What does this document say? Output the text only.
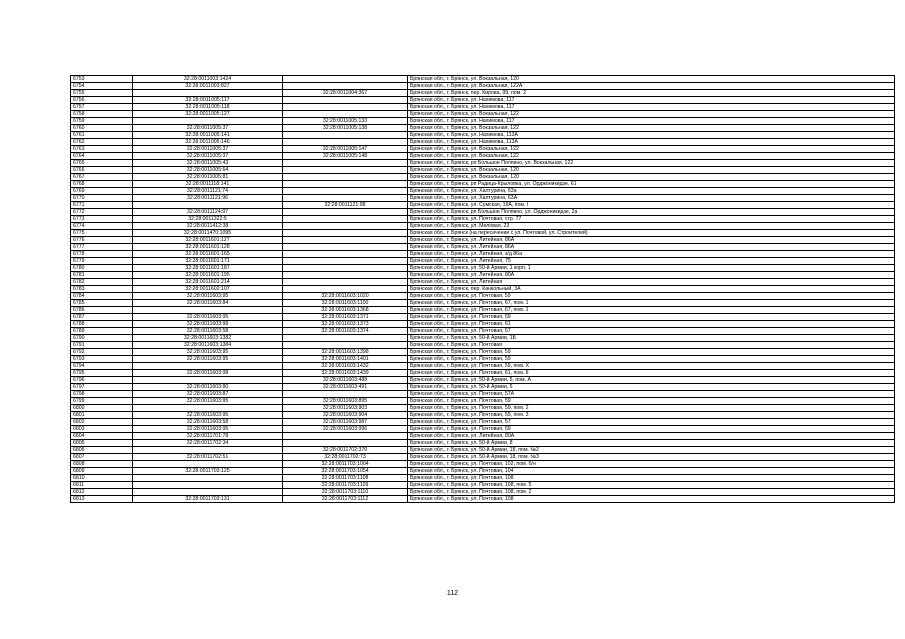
6753	32:28:0011003:1424		Брянская обл., г. Брянск, ул. Вокзальная, 120
6754	32:28:0011003:827		Брянская обл., г. Брянск, ул. Вокзальная, 122А
6755		32:28:0011004:367	Брянская обл., г. Брянск, пер. Кирова, 99, пом. 2
6756	32:28:0011005:117		Брянская обл., г. Брянск, ул. Нахимова, 117
6757	32:28:0011005:118		Брянская обл., г. Брянск, ул. Нахимова, 117
6758	32:28:0011005:127		Брянская обл., г. Брянск, ул. Вокзальная, 122
6759		32:28:0011005:133	Брянская обл., г. Брянск, ул. Нахимова, 117
6760	32:28:0011005:37	32:28:0011005:138	Брянская обл., г. Брянск, ул. Вокзальная, 122
6761	32:28:0011005:141		Брянская обл., г. Брянск, ул. Нахимова, 113А
6762	32:28:0011005:146		Брянская обл., г. Брянск, ул. Нахимова, 113А
6763	32:28:0011005:37	32:28:0011005:147	Брянская обл., г. Брянск, ул. Вокзальная, 122
6764	32:28:0011005:37	32:28:0011005:148	Брянская обл., г. Брянск, ул. Вокзальная, 122
6765	32:28:0011005:43		Брянская обл., г. Брянск, рп Большое Полпино, ул. Вокзальная, 122
6766	32:28:0011005:64		Брянская обл., г. Брянск, ул. Вокзальная, 120
6767	32:28:0011005:81		Брянская обл., г. Брянск, ул. Вокзальная, 120
6768	32:28:0011118:141		Брянская обл., г. Брянск, рп Радица-Крыловка, ул. Орджоникидзе, 61
6769	32:28:0011121:74		Брянская обл., г. Брянск, ул. Халтурина, 63а
6770	32:28:0011121:96		Брянская обл., г. Брянск, ул. Халтурина, 63А
6771		32:28:0011121:98	Брянская обл., г. Брянск, ул. Сумская, 19А, пом. I
6772	32:28:0011124:97		Брянская обл., г. Брянск, рп Большое Полпино, ул. Орджоникидзе, 2а
6773	32:28:0011322:5		Брянская обл., г. Брянск, ул. Почтовая, стр. 77
6774	32:28:0011412:38		Брянская обл., г. Брянск, ул. Меловая, 23
6775	32:28:0011470:1095		Брянская обл., г. Брянск (на пересечении с ул. Почтовой, ул. Строителей)
6776	32:28:0011601:127		Брянская обл., г. Брянск, ул. Литейная, 86А
6777	32:28:0011601:128		Брянская обл., г. Брянск, ул. Литейная, 86А
6778	32:28:0011601:165		Брянская обл., г. Брянск, ул. Литейная, з/д 86а
6779	32:28:0011601:171		Брянская обл., г. Брянск, ул. Литейная, 75
6780	32:28:0011601:187		Брянская обл., г. Брянск, ул. 50-й Армии, 1 корп. 1
6781	32:28:0011601:195		Брянская обл., г. Брянск, ул. Литейная, 80А
6782	32:28:0011601:214		Брянская обл., г. Брянск, ул. Литейная
6783	32:28:0011602:107		Брянская обл., г. Брянск, пер. Канкольный, 3А
6784	32:28:0011603:95	32:28:0011603:1020	Брянская обл., г. Брянск, ул. Почтовая, 59
6785	32:28:0011603:84	32:28:0011603:1100	Брянская обл., г. Брянск, ул. Почтовая, 67, пом. 1
6786		32:28:0011603:1368	Брянская обл., г. Брянск, ул. Почтовая, 67, пом. 1
6787	32:28:0011603:95	32:28:0011603:1371	Брянская обл., г. Брянск, ул. Почтовая, 59
6788	32:28:0011603:98	32:28:0011603:1373	Брянская обл., г. Брянск, ул. Почтовая, 61
6789	32:28:0011603:58	32:28:0011603:1374	Брянская обл., г. Брянск, ул. Почтовая, 57
6790	32:28:0011603:1382		Брянская обл., г. Брянск, ул. 50-й Армии, 1Б
6791	32:28:0011603:1384		Брянская обл., г. Брянск, ул. Почтовая
6792	32:28:0011603:95	32:28:0011603:1398	Брянская обл., г. Брянск, ул. Почтовая, 59
6793	32:28:0011603:95	32:28:0011603:1401	Брянская обл., г. Брянск, ул. Почтовая, 59
6794		32:28:0011603:1432	Брянская обл., г. Брянск, ул. Почтовая, 59, пом. Х
6795	32:28:0011603:98	32:28:0011603:1439	Брянская обл., г. Брянск, ул. Почтовая, 61, пом. II
6796		32:28:0011603:488	Брянская обл., г. Брянск, ул. 50-й Армии, 5, пом. А
6797	32:28:0011603:80	32:28:0011603:491	Брянская обл., г. Брянск, ул. 50-й Армии, 5
6798	32:28:0011603:87		Брянская обл., г. Брянск, ул. Почтовая, 57А
6799	32:28:0011603:95	32:28:0011603:895	Брянская обл., г. Брянск, ул. Почтовая, 59
6800		32:28:0011603:903	Брянская обл., г. Брянск, ул. Почтовая, 59, пом. 2
6801	32:28:0011603:95	32:28:0011603:904	Брянская обл., г. Брянск, ул. Почтовая, 59, пом. 3
6802	32:28:0011603:58	32:28:0011603:987	Брянская обл., г. Брянск, ул. Почтовая, 57
6803	32:28:0011603:95	32:28:0011603:996	Брянская обл., г. Брянск, ул. Почтовая, 59
6804	32:28:0011701:78		Брянская обл., г. Брянск, ул. Литейная, 80А
6805	32:28:0011702:34		Брянская обл., г. Брянск, ул. 50-й Армии, 8
6806		32:28:0011702:370	Брянская обл., г. Брянск, ул. 50-й Армии, 18, пом. №2
6807	32:28:0011702:51	32:28:0011702:73	Брянская обл., г. Брянск, ул. 50-й Армии, 18, пом. №3
6808		32:28:0011703:1004	Брянская обл., г. Брянск, ул. Почтовая, 102, пом. б/н
6809	32:28:0011703:125	32:28:0011703:1054	Брянская обл., г. Брянск, ул. Почтовая, 104
6810		32:28:0011703:1108	Брянская обл., г. Брянск, ул. Почтовая, 108
6811		32:28:0011703:1109	Брянская обл., г. Брянск, ул. Почтовая, 108, пом. 5
6812		32:28:0011703:1110	Брянская обл., г. Брянск, ул. Почтовая, 108, пом. 2
6813	32:28:0011703:131	32:28:0011703:1112	Брянская обл., г. Брянск, ул. Почтовая, 108
112
